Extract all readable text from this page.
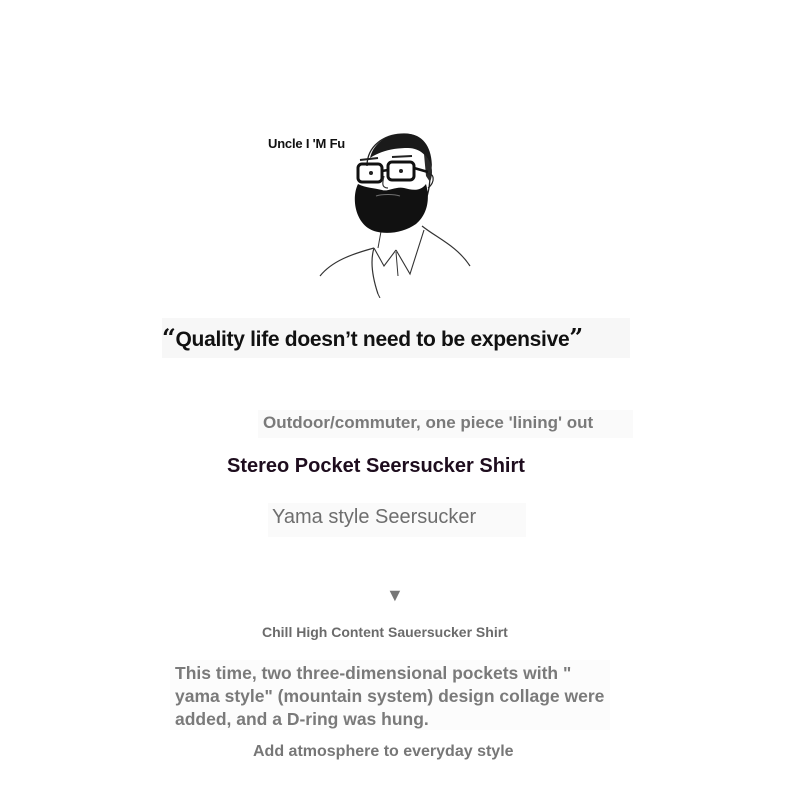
Uncle I 'M Fu
“Quality life doesn’t need to be expensive”
Outdoor/commuter, one piece 'lining' out
Stereo Pocket Seersucker Shirt
Yama style Seersucker
▼
Chill High Content Sauersucker Shirt
This time, two three-dimensional pockets with " yama style" (mountain system) design collage were added, and a D-ring was hung.
Add atmosphere to everyday style
